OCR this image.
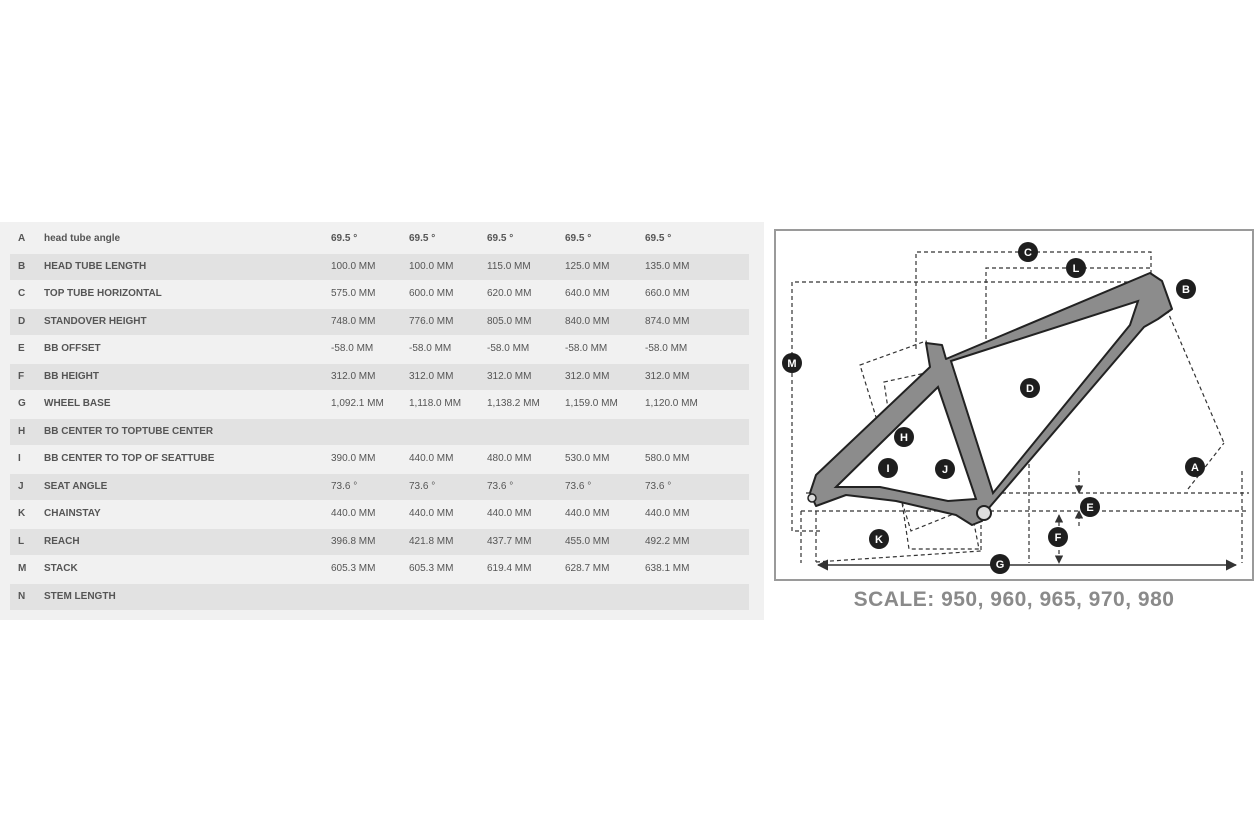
A head tube angle	69.5 °	69.5 °	69.5 °	69.5 °	69.5 °
B HEAD TUBE LENGTH	100.0 MM	100.0 MM	115.0 MM	125.0 MM	135.0 MM
C TOP TUBE HORIZONTAL	575.0 MM	600.0 MM	620.0 MM	640.0 MM	660.0 MM
D STANDOVER HEIGHT	748.0 MM	776.0 MM	805.0 MM	840.0 MM	874.0 MM
E BB OFFSET	-58.0 MM	-58.0 MM	-58.0 MM	-58.0 MM	-58.0 MM
F BB HEIGHT	312.0 MM	312.0 MM	312.0 MM	312.0 MM	312.0 MM
G WHEEL BASE	1,092.1 MM	1,118.0 MM	1,138.2 MM	1,159.0 MM	1,120.0 MM
H BB CENTER TO TOPTUBE CENTER
I BB CENTER TO TOP OF SEATTUBE	390.0 MM	440.0 MM	480.0 MM	530.0 MM	580.0 MM
J SEAT ANGLE	73.6 °	73.6 °	73.6 °	73.6 °	73.6 °
K CHAINSTAY	440.0 MM	440.0 MM	440.0 MM	440.0 MM	440.0 MM
L REACH	396.8 MM	421.8 MM	437.7 MM	455.0 MM	492.2 MM
M STACK	605.3 MM	605.3 MM	619.4 MM	628.7 MM	638.1 MM
N STEM LENGTH
C
L
B
M
D
H
I	J	A
E
F
K
G
SCALE: 950, 960, 965, 970, 980
